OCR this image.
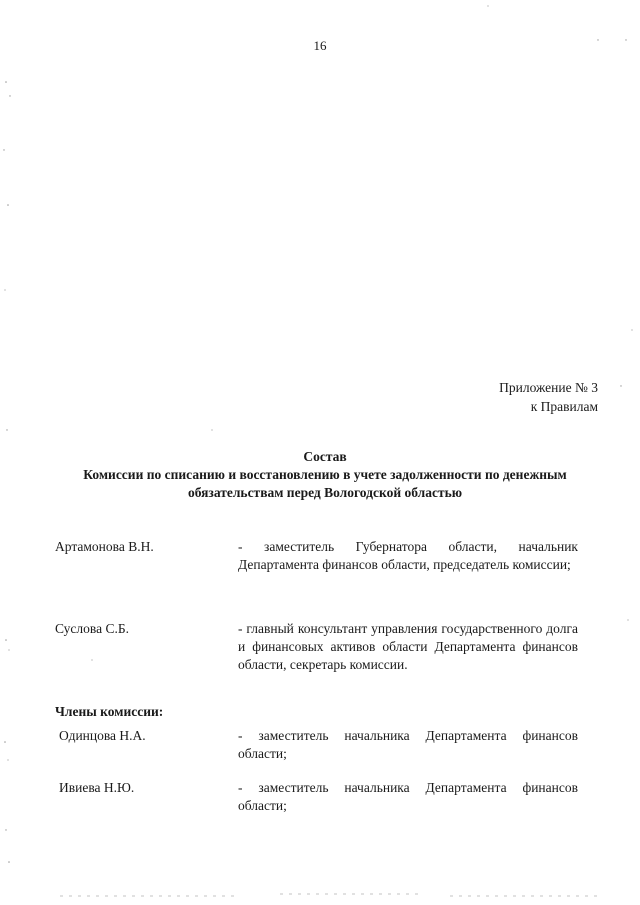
16
Приложение № 3
к Правилам
Состав
Комиссии по списанию и восстановлению в учете задолженности по денежным обязательствам перед Вологодской областью
Артамонова В.Н.	- заместитель Губернатора области, начальник Департамента финансов области, председатель комиссии;
Суслова С.Б.	- главный консультант управления государственного долга и финансовых активов области Департамента финансов области, секретарь комиссии.
Члены комиссии:
Одинцова Н.А.	- заместитель начальника Департамента финансов области;
Ивиева Н.Ю.	- заместитель начальника Департамента финансов области;
